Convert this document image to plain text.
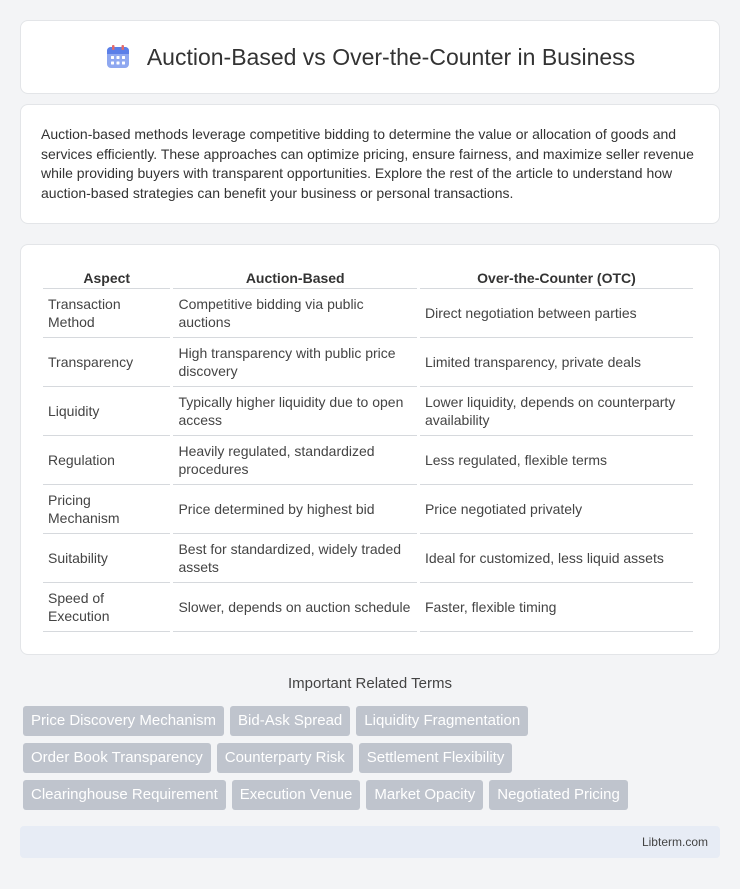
Auction-Based vs Over-the-Counter in Business

Auction-based methods leverage competitive bidding to determine the value or allocation of goods and services efficiently. These approaches can optimize pricing, ensure fairness, and maximize seller revenue while providing buyers with transparent opportunities. Explore the rest of the article to understand how auction-based strategies can benefit your business or personal transactions.

Aspect	Auction-Based	Over-the-Counter (OTC)
Transaction Method	Competitive bidding via public auctions	Direct negotiation between parties
Transparency	High transparency with public price discovery	Limited transparency, private deals
Liquidity	Typically higher liquidity due to open access	Lower liquidity, depends on counterparty availability
Regulation	Heavily regulated, standardized procedures	Less regulated, flexible terms
Pricing Mechanism	Price determined by highest bid	Price negotiated privately
Suitability	Best for standardized, widely traded assets	Ideal for customized, less liquid assets
Speed of Execution	Slower, depends on auction schedule	Faster, flexible timing
Important Related Terms
Price Discovery Mechanism	Bid-Ask Spread	Liquidity Fragmentation
Order Book Transparency	Counterparty Risk	Settlement Flexibility
Clearinghouse Requirement	Execution Venue	Market Opacity	Negotiated Pricing
Libterm.com
